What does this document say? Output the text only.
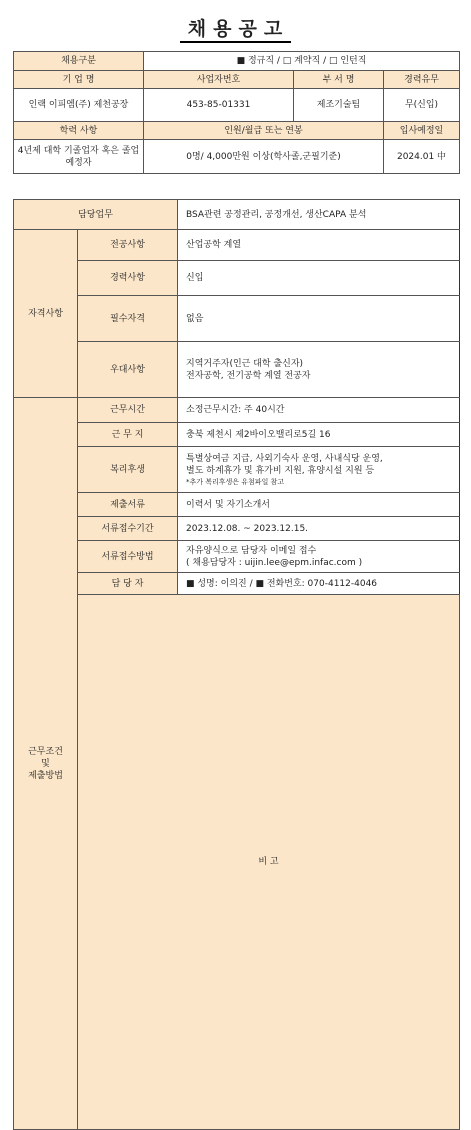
채용공고
채용구분	■ 정규직 / □ 계약직 / □ 인턴직		
기 업 명	사업자번호	부 서 명	경력유무
인랙 이피엠(주) 제천공장	453-85-01331	제조기술팀	무(신입)
학력 사항	인원/월급 또는 연봉		입사예정일
4년제 대학 기졸업자 혹은 졸업예정자	0명/ 4,000만원 이상(학사졸,군필기준)		2024.01 中
담당업무		BSA관련 공정관리, 공정개선, 생산CAPA 분석	
자격사항	전공사항	산업공학 계열	
	경력사항	신입	
	필수자격	없음	
	우대사항	지역거주자(인근 대학 출신자)
전자공학, 전기공학 계열 전공자	

근무조건
및
제출방법	근무시간	소정근무시간: 주 40시간	
	근 무 지	충북 제천시 제2바이오밸리로5길 16	
	복리후생	특별상여금 지급, 사외기숙사 운영, 사내식당 운영,
별도 하계휴가 및 휴가비 지원, 휴양시설 지원 등
*추가 복리후생은 유첨파일 참고	

	제출서류	이력서 및 자기소개서	
	서류접수기간	2023.12.08. ~ 2023.12.15.	
	서류접수방법	자유양식으로 담당자 이메일 접수
( 채용담당자 : uijin.lee@epm.infac.com )	

	담 당 자	■ 성명: 이의진 / ■ 전화번호: 070-4112-4046	
	비 고	
